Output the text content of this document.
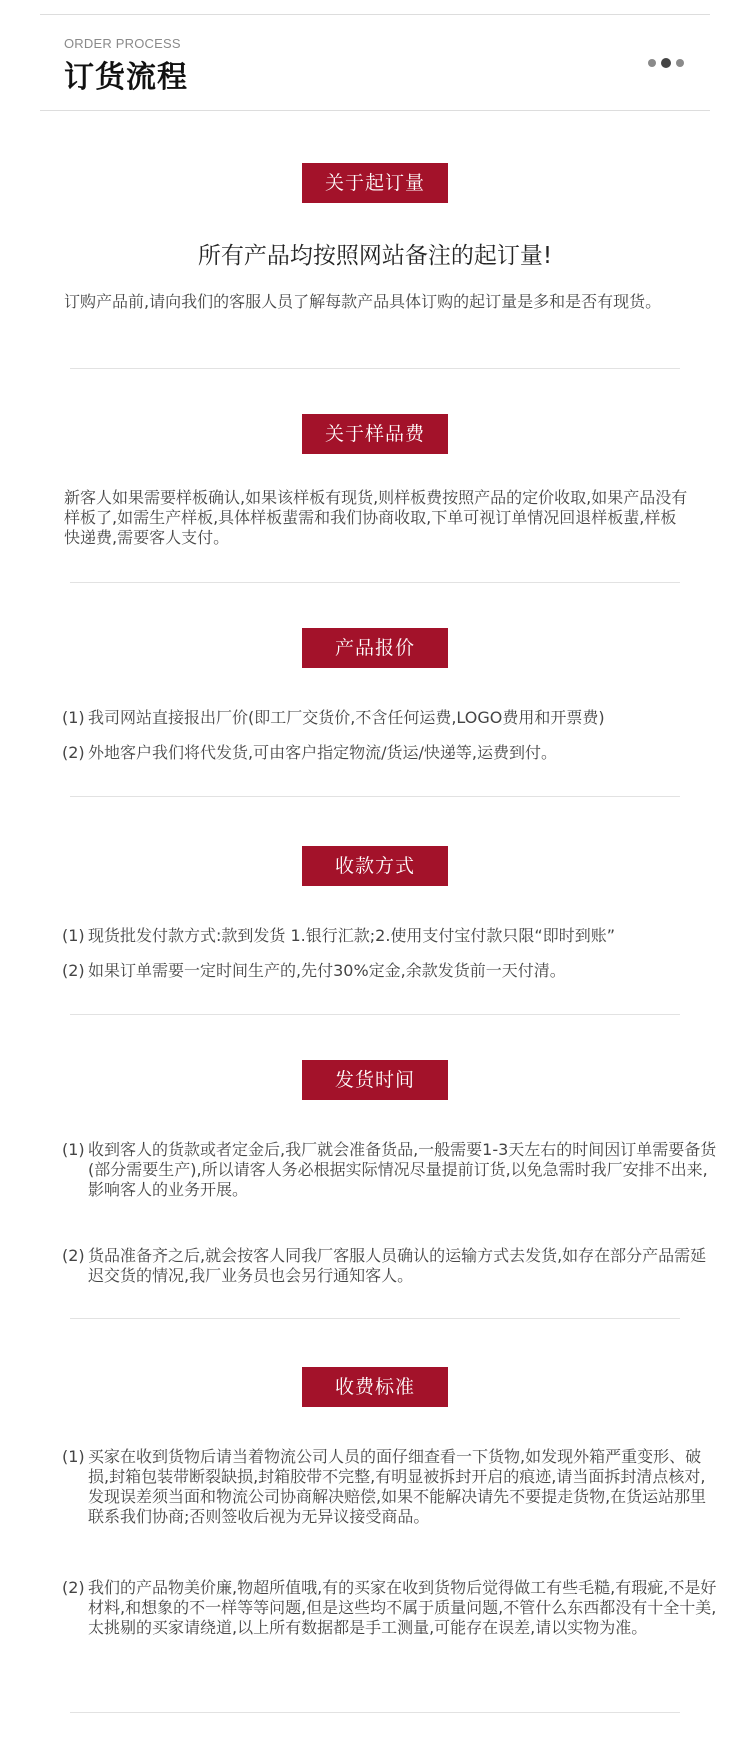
ORDER PROCESS
订货流程
关于起订量
所有产品均按照网站备注的起订量!
订购产品前,请向我们的客服人员了解每款产品具体订购的起订量是多和是否有现货。
关于样品费
新客人如果需要样板确认,如果该样板有现货,则样板费按照产品的定价收取,如果产品没有样板了,如需生产样板,具体样板蜚需和我们协商收取,下单可视订单情况回退样板蜚,样板快递费,需要客人支付。
产品报价
(1) 我司网站直接报出厂价(即工厂交货价,不含任何运费,LOGO费用和开票费)
(2) 外地客户我们将代发货,可由客户指定物流/货运/快递等,运费到付。
收款方式
(1) 现货批发付款方式:款到发货 1.银行汇款;2.使用支付宝付款只限“即时到账”
(2) 如果订单需要一定时间生产的,先付30%定金,余款发货前一天付清。
发货时间
(1) 收到客人的货款或者定金后,我厂就会准备货品,一般需要1-3天左右的时间因订单需要备货(部分需要生产),所以请客人务必根据实际情况尽量提前订货,以免急需时我厂安排不出来,影响客人的业务开展。
(2) 货品准备齐之后,就会按客人同我厂客服人员确认的运输方式去发货,如存在部分产品需延迟交货的情况,我厂业务员也会另行通知客人。
收费标准
(1) 买家在收到货物后请当着物流公司人员的面仔细查看一下货物,如发现外箱严重变形、破损,封箱包装带断裂缺损,封箱胶带不完整,有明显被拆封开启的痕迹,请当面拆封清点核对,发现误差须当面和物流公司协商解决赔偿,如果不能解决请先不要提走货物,在货运站那里联系我们协商;否则签收后视为无异议接受商品。
(2) 我们的产品物美价廉,物超所值哦,有的买家在收到货物后觉得做工有些毛糙,有瑕疵,不是好材料,和想象的不一样等等问题,但是这些均不属于质量问题,不管什么东西都没有十全十美,太挑剔的买家请绕道,以上所有数据都是手工测量,可能存在误差,请以实物为准。
